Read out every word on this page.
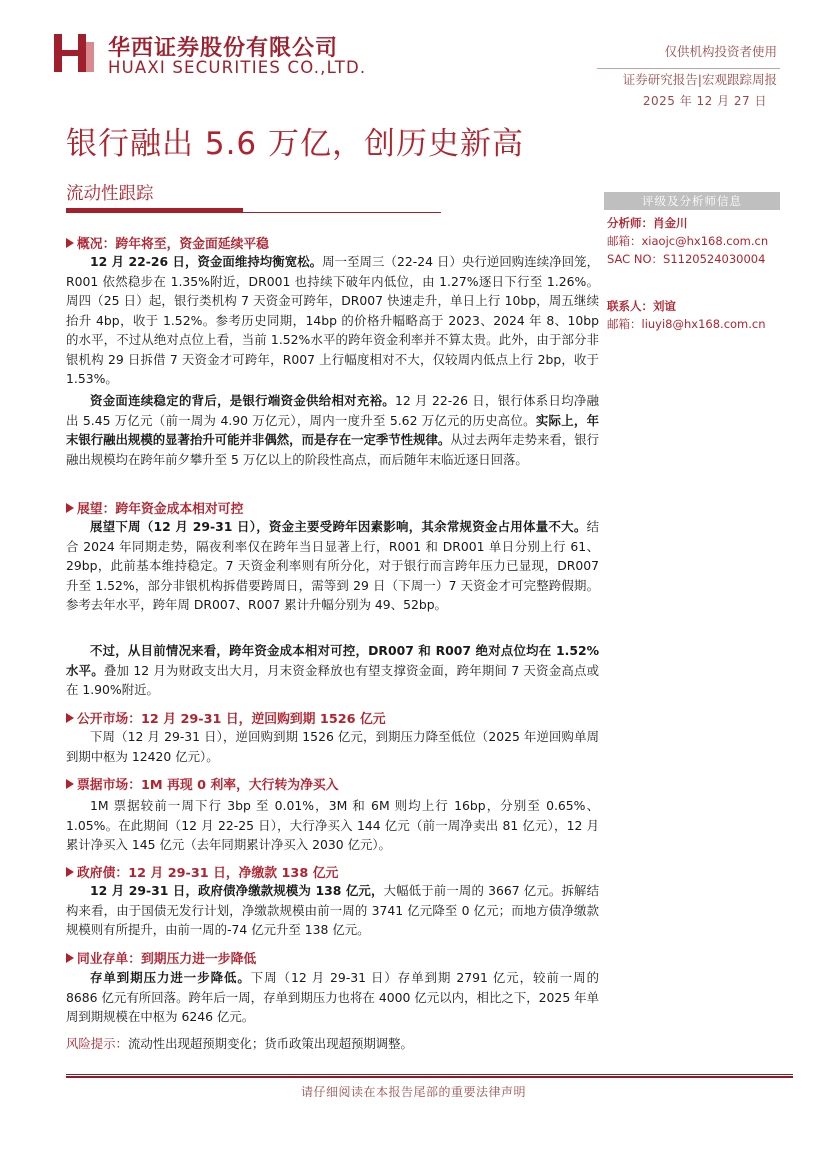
华西证券股份有限公司
HUAXI SECURITIES CO.,LTD.
仅供机构投资者使用
证券研究报告|宏观跟踪周报
2025 年 12 月 27 日
银行融出 5.6 万亿，创历史新高
流动性跟踪	评级及分析师信息
分析师：肖金川
邮箱：xiaojc@hx168.com.cn
SAC NO：S1120524030004
联系人：刘谊
邮箱：liuyi8@hx168.com.cn
概况：跨年将至，资金面延续平稳
12 月 22-26 日，资金面维持均衡宽松。周一至周三（22-24 日）央行逆回购连续净回笼，R001 依然稳步在 1.35%附近，DR001 也持续下破年内低位，由 1.27%逐日下行至 1.26%。周四（25 日）起，银行类机构 7 天资金可跨年，DR007 快速走升，单日上行 10bp，周五继续抬升 4bp，收于 1.52%。参考历史同期，14bp 的价格升幅略高于 2023、2024 年 8、10bp 的水平，不过从绝对点位上看，当前 1.52%水平的跨年资金利率并不算太贵。此外，由于部分非银机构 29 日拆借 7 天资金才可跨年，R007 上行幅度相对不大，仅较周内低点上行 2bp，收于 1.53%。
资金面连续稳定的背后，是银行端资金供给相对充裕。12 月 22-26 日，银行体系日均净融出 5.45 万亿元（前一周为 4.90 万亿元），周内一度升至 5.62 万亿元的历史高位。实际上，年末银行融出规模的显著抬升可能并非偶然，而是存在一定季节性规律。从过去两年走势来看，银行融出规模均在跨年前夕攀升至 5 万亿以上的阶段性高点，而后随年末临近逐日回落。
展望：跨年资金成本相对可控
展望下周（12 月 29-31 日），资金主要受跨年因素影响，其余常规资金占用体量不大。结合 2024 年同期走势，隔夜利率仅在跨年当日显著上行，R001 和 DR001 单日分别上行 61、29bp，此前基本维持稳定。7 天资金利率则有所分化，对于银行而言跨年压力已显现，DR007 升至 1.52%，部分非银机构拆借要跨周日，需等到 29 日（下周一）7 天资金才可完整跨假期。参考去年水平，跨年周 DR007、R007 累计升幅分别为 49、52bp。
不过，从目前情况来看，跨年资金成本相对可控，DR007 和 R007 绝对点位均在 1.52%水平。叠加 12 月为财政支出大月，月末资金释放也有望支撑资金面，跨年期间 7 天资金高点或在 1.90%附近。
公开市场：12 月 29-31 日，逆回购到期 1526 亿元
下周（12 月 29-31 日），逆回购到期 1526 亿元，到期压力降至低位（2025 年逆回购单周到期中枢为 12420 亿元）。
票据市场：1M 再现 0 利率，大行转为净买入
1M 票据较前一周下行 3bp 至 0.01%，3M 和 6M 则均上行 16bp，分别至 0.65%、1.05%。在此期间（12 月 22-25 日），大行净买入 144 亿元（前一周净卖出 81 亿元），12 月累计净买入 145 亿元（去年同期累计净买入 2030 亿元）。
政府债：12 月 29-31 日，净缴款 138 亿元
12 月 29-31 日，政府债净缴款规模为 138 亿元，大幅低于前一周的 3667 亿元。拆解结构来看，由于国债无发行计划，净缴款规模由前一周的 3741 亿元降至 0 亿元；而地方债净缴款规模则有所提升，由前一周的-74 亿元升至 138 亿元。
同业存单：到期压力进一步降低
存单到期压力进一步降低。下周（12 月 29-31 日）存单到期 2791 亿元，较前一周的 8686 亿元有所回落。跨年后一周，存单到期压力也将在 4000 亿元以内，相比之下，2025 年单周到期规模在中枢为 6246 亿元。
风险提示：流动性出现超预期变化；货币政策出现超预期调整。
请仔细阅读在本报告尾部的重要法律声明
